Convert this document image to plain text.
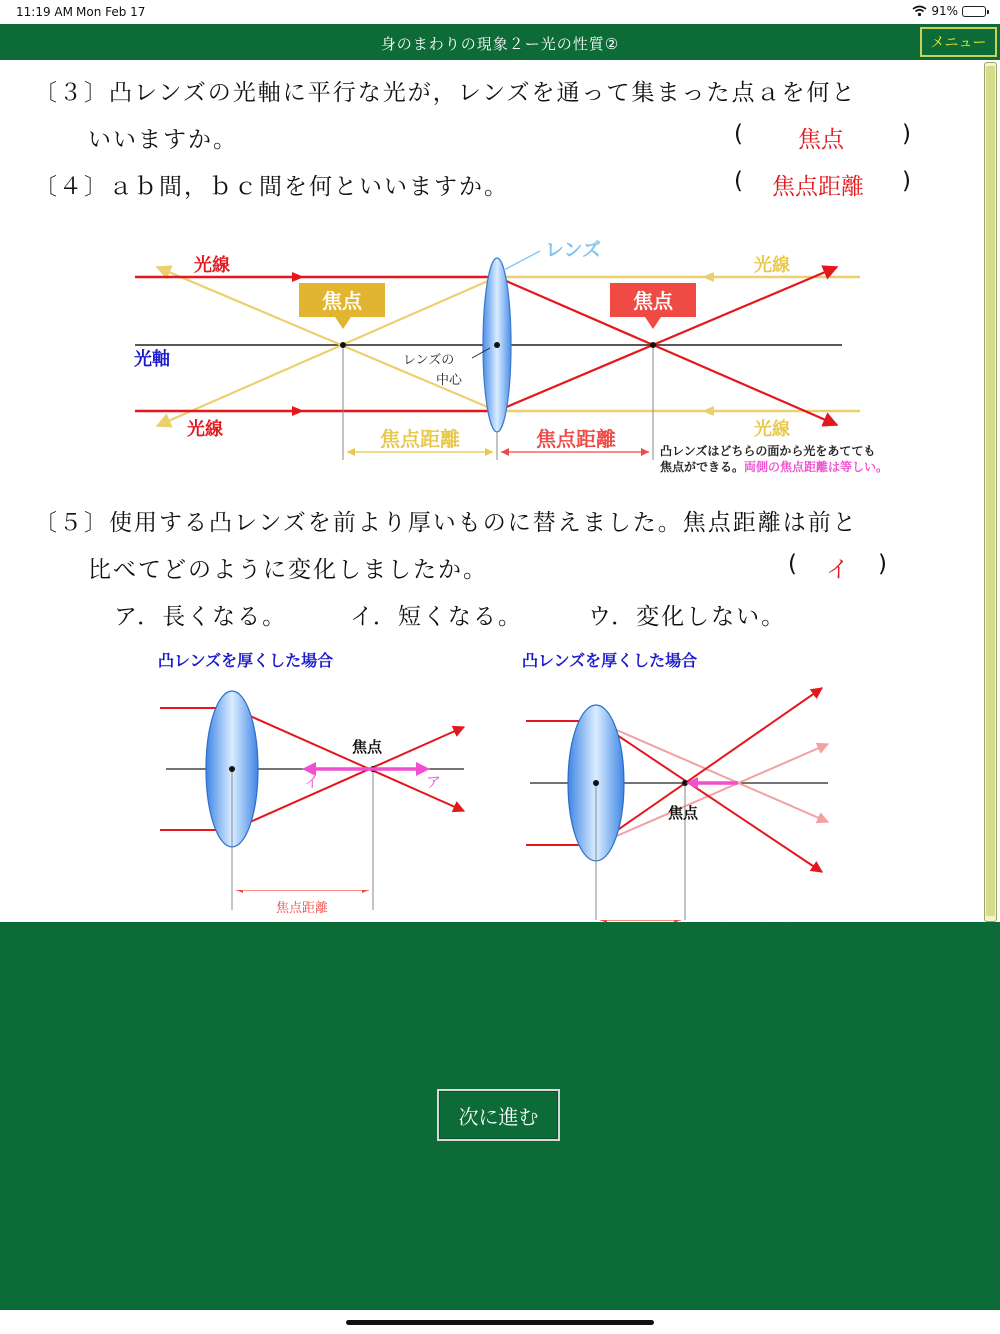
11:19 AM Mon Feb 17	91%
身のまわりの現象２ー光の性質②	メニュー
〔３〕凸レンズの光軸に平行な光が，レンズを通って集まった点ａを何と
いいますか。	( 焦点	)
〔４〕ａｂ間，ｂｃ間を何といいますか。	( 焦点距離 )
焦点	焦点
レンズ
光線	光線
光線	光線
光軸	レンズの
中心
焦点距離	焦点距離	凸レンズはどちらの面から光をあてても
焦点ができる。両側の焦点距離は等しい。
〔５〕使用する凸レンズを前より厚いものに替えました。焦点距離は前と
比べてどのように変化しましたか。	( イ )
ア．長くなる。	イ．短くなる。	ウ．変化しない。
凸レンズを厚くした場合
焦点
イ	ア
焦点距離
凸レンズを厚くした場合
焦点
次に進む
